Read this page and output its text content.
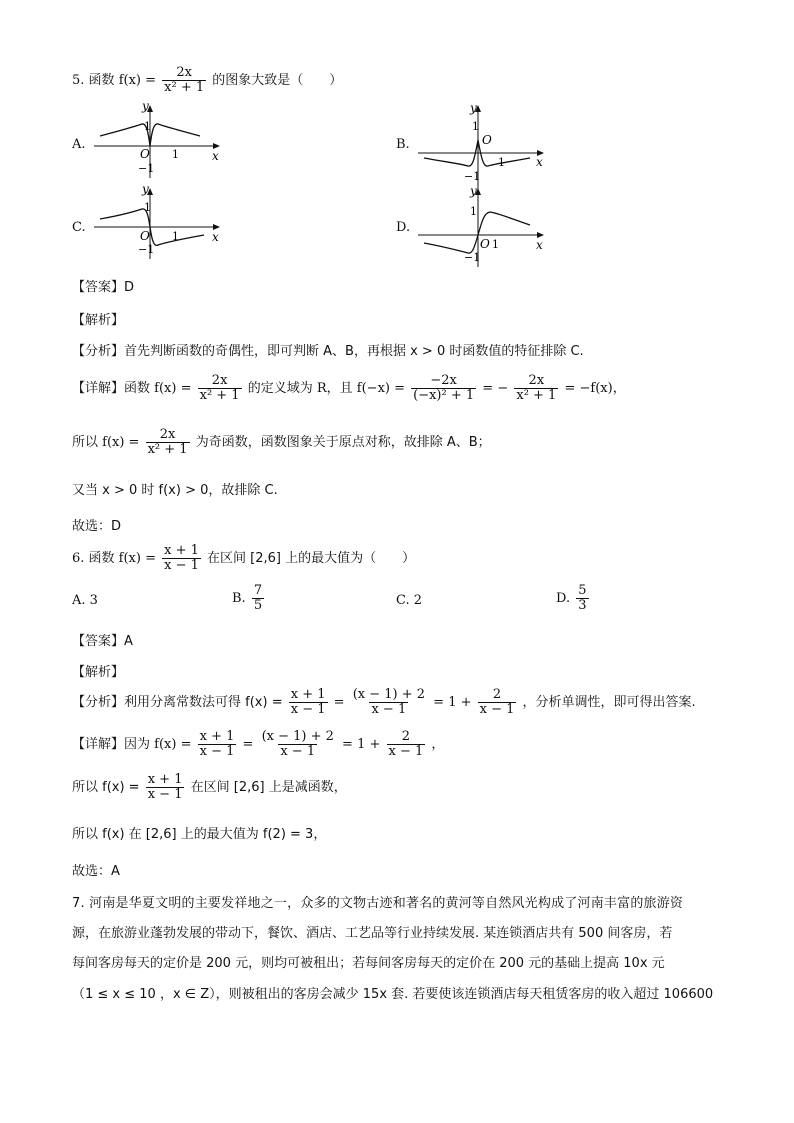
5. 函数 $f(x) = \frac{2x}{\text{x² + 1}}$ 的图象大致是（　　）
A.	B.
C.	D.
y
x
O
1
1
−1
y
x
O
1
1
−1
y
x
O
1
1
−1
y
x
O
1
1
−1
【答案】D
【解析】
【分析】首先判断函数的奇偶性，即可判断 A、B，再根据 x > 0 时函数值的特征排除 C.
【详解】函数 $f(x) = \frac{2x}{\text{x² + 1}}$ 的定义域为 R，且 $f(-x) = \frac{-2x}{\text{(−x)² + 1}}$ = − $\frac{2x}{\text{x² + 1}} = -f(x)$，
所以 $f(x) = \frac{2x}{\text{x² + 1}}$ 为奇函数，函数图象关于原点对称，故排除 A、B；
又当 x > 0 时 f(x) > 0，故排除 C.
故选：D
6. 函数 $f(x) = \frac{x + 1}{x - 1}$ 在区间 [2,6] 上的最大值为（　　）
A. 3	B. $\frac{7}{5}$	C. 2	D. $\frac{5}{3}$
【答案】A
【解析】
【分析】利用分离常数法可得 $f(x) = \frac{x + 1}{x - 1} = \frac{(x - 1) + 2}{x - 1} = 1 + \frac{2}{x - 1}$ ，分析单调性，即可得出答案.
【详解】因为 $f(x) = \frac{x + 1}{x - 1} = \frac{(x - 1) + 2}{x - 1} = 1 + \frac{2}{x - 1}$ ，
所以 $f(x) = \frac{x + 1}{x - 1}$ 在区间 [2,6] 上是减函数，
所以 f(x) 在 [2,6] 上的最大值为 f(2) = 3，
故选：A
7. 河南是华夏文明的主要发祥地之一，众多的文物古迹和著名的黄河等自然风光构成了河南丰富的旅游资
源，在旅游业蓬勃发展的带动下，餐饮、酒店、工艺品等行业持续发展. 某连锁酒店共有 500 间客房，若
每间客房每天的定价是 200 元，则均可被租出；若每间客房每天的定价在 200 元的基础上提高 10x 元
（1 ≤ x ≤ 10 ，x ∈ Z），则被租出的客房会减少 15x 套. 若要使该连锁酒店每天租赁客房的收入超过 106600
